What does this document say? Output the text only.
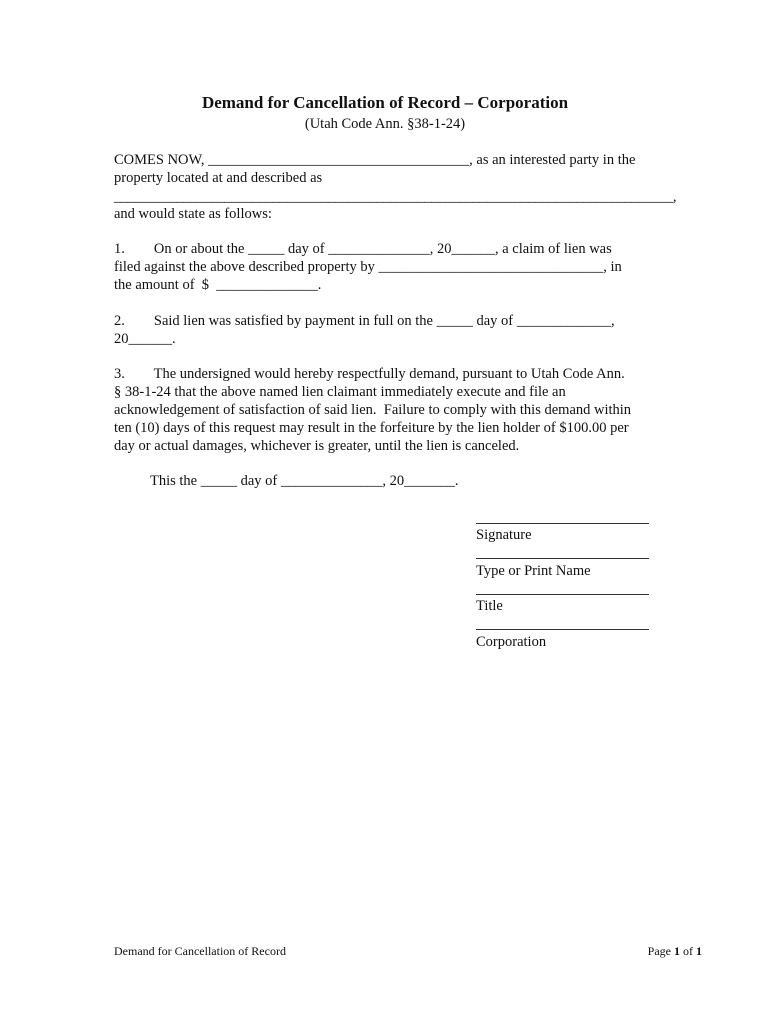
Demand for Cancellation of Record – Corporation
(Utah Code Ann. §38-1-24)
COMES NOW, ____________________________________, as an interested party in the
property located at and described as
_________________________________________________________________________________,
and would state as follows:
1.        On or about the _____ day of ______________, 20______, a claim of lien was
filed against the above described property by _______________________________, in
the amount of  $  ______________.
2.        Said lien was satisfied by payment in full on the _____ day of _____________,
20______.
3.        The undersigned would hereby respectfully demand, pursuant to Utah Code Ann.
§ 38-1-24 that the above named lien claimant immediately execute and file an
acknowledgement of satisfaction of said lien.  Failure to comply with this demand within
ten (10) days of this request may result in the forfeiture by the lien holder of $100.00 per
day or actual damages, whichever is greater, until the lien is canceled.
This the _____ day of ______________, 20_______.
Signature
Type or Print Name
Title
Corporation
Demand for Cancellation of Record	Page 1 of 1
